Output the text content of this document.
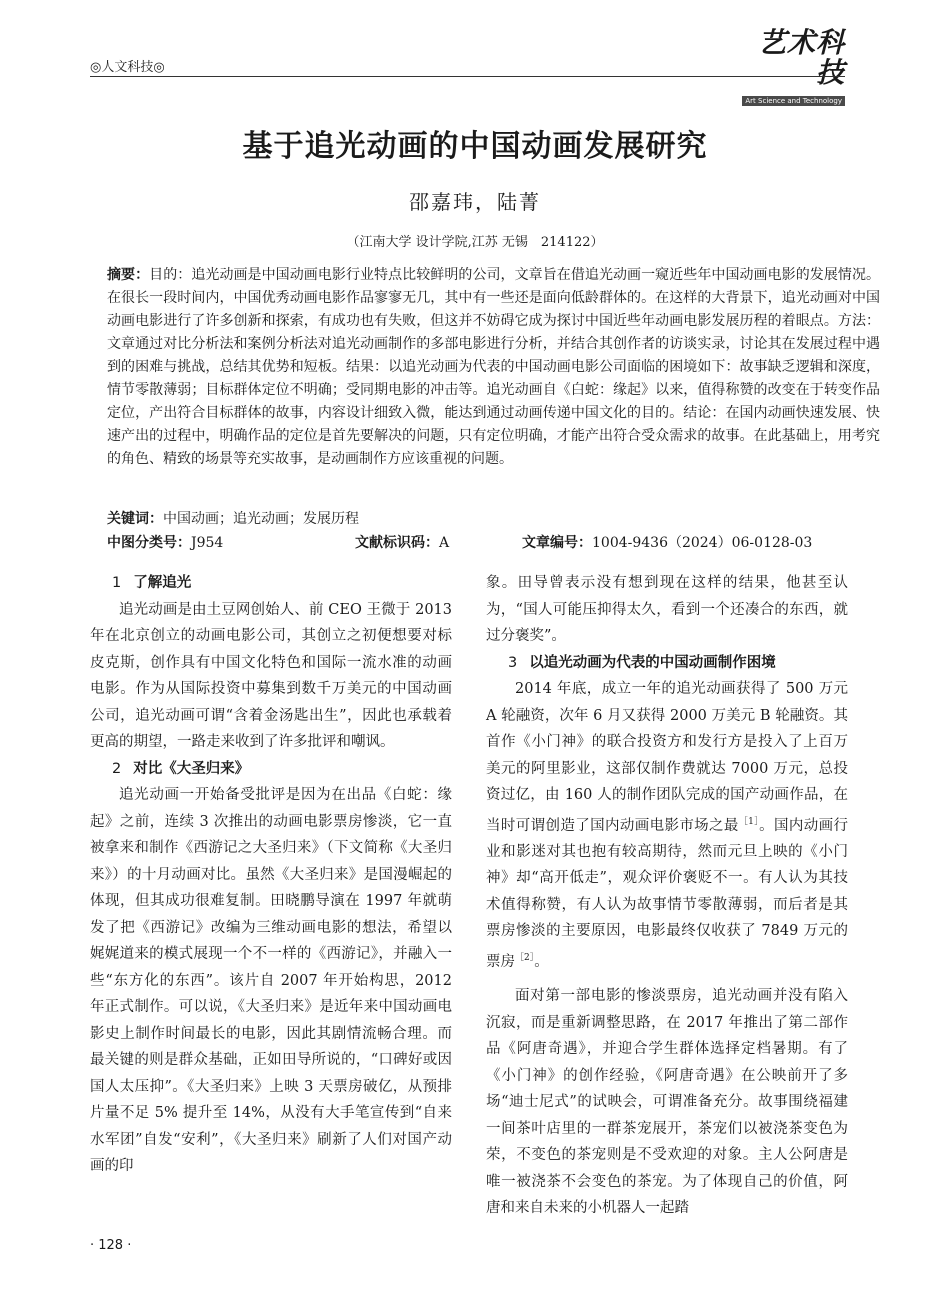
◎人文科技◎
艺术科技
Art Science and Technology
基于追光动画的中国动画发展研究
邵嘉玮，陆菁
（江南大学 设计学院,江苏 无锡　214122）
摘要：目的：追光动画是中国动画电影行业特点比较鲜明的公司，文章旨在借追光动画一窥近些年中国动画电影的发展情况。在很长一段时间内，中国优秀动画电影作品寥寥无几，其中有一些还是面向低龄群体的。在这样的大背景下，追光动画对中国动画电影进行了许多创新和探索，有成功也有失败，但这并不妨碍它成为探讨中国近些年动画电影发展历程的着眼点。方法：文章通过对比分析法和案例分析法对追光动画制作的多部电影进行分析，并结合其创作者的访谈实录，讨论其在发展过程中遇到的困难与挑战，总结其优势和短板。结果：以追光动画为代表的中国动画电影公司面临的困境如下：故事缺乏逻辑和深度，情节零散薄弱；目标群体定位不明确；受同期电影的冲击等。追光动画自《白蛇：缘起》以来，值得称赞的改变在于转变作品定位，产出符合目标群体的故事，内容设计细致入微，能达到通过动画传递中国文化的目的。结论：在国内动画快速发展、快速产出的过程中，明确作品的定位是首先要解决的问题，只有定位明确，才能产出符合受众需求的故事。在此基础上，用考究的角色、精致的场景等充实故事，是动画制作方应该重视的问题。
关键词：中国动画；追光动画；发展历程
中图分类号：J954	文献标识码：A	文章编号：1004-9436（2024）06-0128-03
1 了解追光

追光动画是由土豆网创始人、前 CEO 王微于 2013 年在北京创立的动画电影公司，其创立之初便想要对标皮克斯，创作具有中国文化特色和国际一流水准的动画电影。作为从国际投资中募集到数千万美元的中国动画公司，追光动画可谓“含着金汤匙出生”，因此也承载着更高的期望，一路走来收到了许多批评和嘲讽。

2 对比《大圣归来》

追光动画一开始备受批评是因为在出品《白蛇：缘起》之前，连续 3 次推出的动画电影票房惨淡，它一直被拿来和制作《西游记之大圣归来》（下文简称《大圣归来》）的十月动画对比。虽然《大圣归来》是国漫崛起的体现，但其成功很难复制。田晓鹏导演在 1997 年就萌发了把《西游记》改编为三维动画电影的想法，希望以娓娓道来的模式展现一个不一样的《西游记》，并融入一些“东方化的东西”。该片自 2007 年开始构思，2012 年正式制作。可以说，《大圣归来》是近年来中国动画电影史上制作时间最长的电影，因此其剧情流畅合理。而最关键的则是群众基础，正如田导所说的，“口碑好或因国人太压抑”。《大圣归来》上映 3 天票房破亿，从预排片量不足 5% 提升至 14%，从没有大手笔宣传到“自来水军团”自发“安利”，《大圣归来》刷新了人们对国产动画的印

象。田导曾表示没有想到现在这样的结果，他甚至认为，“国人可能压抑得太久，看到一个还凑合的东西，就过分褒奖”。

3 以追光动画为代表的中国动画制作困境

2014 年底，成立一年的追光动画获得了 500 万元 A 轮融资，次年 6 月又获得 2000 万美元 B 轮融资。其首作《小门神》的联合投资方和发行方是投入了上百万美元的阿里影业，这部仅制作费就达 7000 万元，总投资过亿，由 160 人的制作团队完成的国产动画作品，在当时可谓创造了国内动画电影市场之最$^{[1]}$。国内动画行业和影迷对其也抱有较高期待，然而元旦上映的《小门神》却“高开低走”，观众评价褒贬不一。有人认为其技术值得称赞，有人认为故事情节零散薄弱，而后者是其票房惨淡的主要原因，电影最终仅收获了 7849 万元的票房$^{[2]}$。

面对第一部电影的惨淡票房，追光动画并没有陷入沉寂，而是重新调整思路，在 2017 年推出了第二部作品《阿唐奇遇》，并迎合学生群体选择定档暑期。有了《小门神》的创作经验，《阿唐奇遇》在公映前开了多场“迪士尼式”的试映会，可谓准备充分。故事围绕福建一间茶叶店里的一群茶宠展开，茶宠们以被浇茶变色为荣，不变色的茶宠则是不受欢迎的对象。主人公阿唐是唯一被浇茶不会变色的茶宠。为了体现自己的价值，阿唐和来自未来的小机器人一起踏

· 128 ·
